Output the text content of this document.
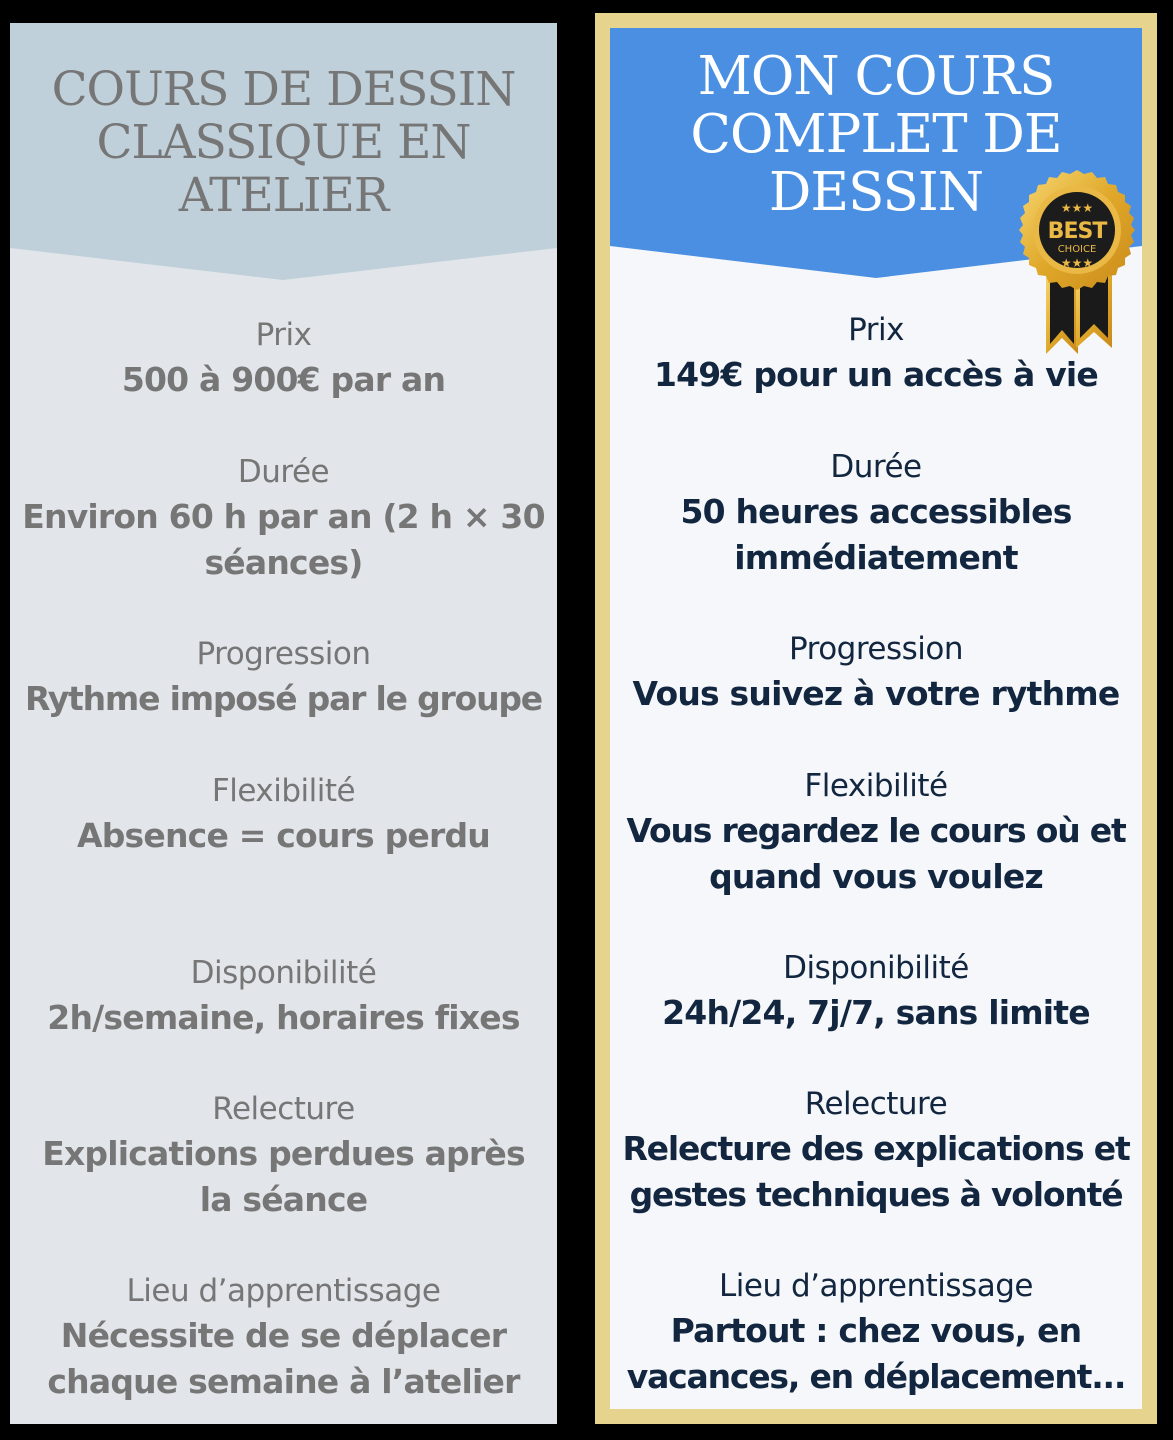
COURS DE DESSIN
CLASSIQUE EN
ATELIER
Prix
500 à 900€ par an
Durée
Environ 60 h par an (2 h × 30
séances)
Progression
Rythme imposé par le groupe
Flexibilité
Absence = cours perdu
Disponibilité
2h/semaine, horaires fixes
Relecture
Explications perdues après
la séance
Lieu d’apprentissage
Nécessite de se déplacer
chaque semaine à l’atelier
MON COURS
COMPLET DE
DESSIN
Prix
149€ pour un accès à vie
Durée
50 heures accessibles
immédiatement
Progression
Vous suivez à votre rythme
Flexibilité
Vous regardez le cours où et
quand vous voulez
Disponibilité
24h/24, 7j/7, sans limite
Relecture
Relecture des explications et
gestes techniques à volonté
Lieu d’apprentissage
Partout : chez vous, en
vacances, en déplacement...
★★★
BEST
CHOICE
★★★
